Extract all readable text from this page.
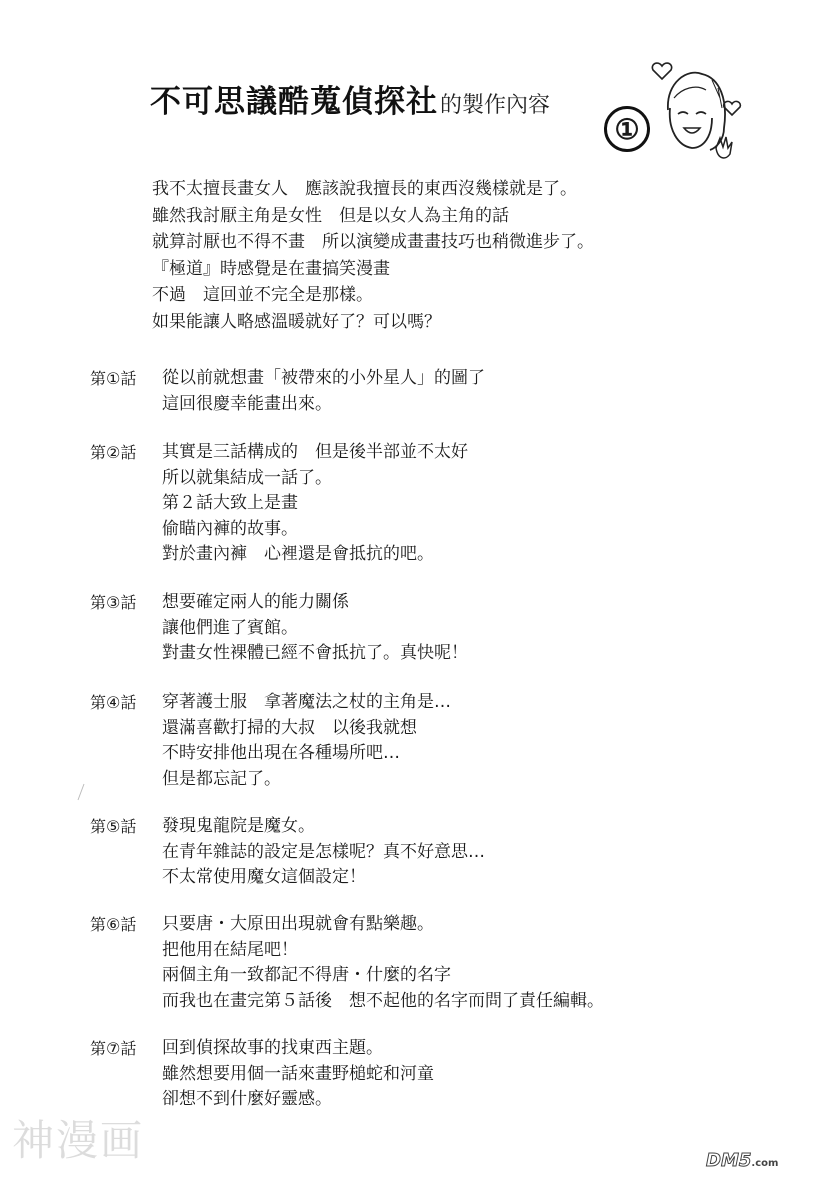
不可思議酷蒐偵探社的製作內容
①

我不太擅長畫女人　應該說我擅長的東西沒幾樣就是了。

雖然我討厭主角是女性　但是以女人為主角的話

就算討厭也不得不畫　所以演變成畫畫技巧也稍微進步了。

『極道』時感覺是在畫搞笑漫畫

不過　這回並不完全是那樣。

如果能讓人略感溫暖就好了？可以嗎？

第①話	從以前就想畫「被帶來的小外星人」的圖了

這回很慶幸能畫出來。

第②話	其實是三話構成的　但是後半部並不太好

所以就集結成一話了。

第２話大致上是畫

偷瞄內褲的故事。

對於畫內褲　心裡還是會抵抗的吧。

第③話	想要確定兩人的能力關係

讓他們進了賓館。

對畫女性裸體已經不會抵抗了。真快呢！

第④話	穿著護士服　拿著魔法之杖的主角是…

還滿喜歡打掃的大叔　以後我就想

不時安排他出現在各種場所吧…

但是都忘記了。

第⑤話	發現鬼龍院是魔女。

在青年雜誌的設定是怎樣呢？真不好意思…

不太常使用魔女這個設定！

第⑥話	只要唐・大原田出現就會有點樂趣。

把他用在結尾吧！

兩個主角一致都記不得唐・什麼的名字

而我也在畫完第５話後　想不起他的名字而問了責任編輯。

第⑦話	回到偵探故事的找東西主題。

雖然想要用個一話來畫野槌蛇和河童

卻想不到什麼好靈感。

神漫画	DM5.com
